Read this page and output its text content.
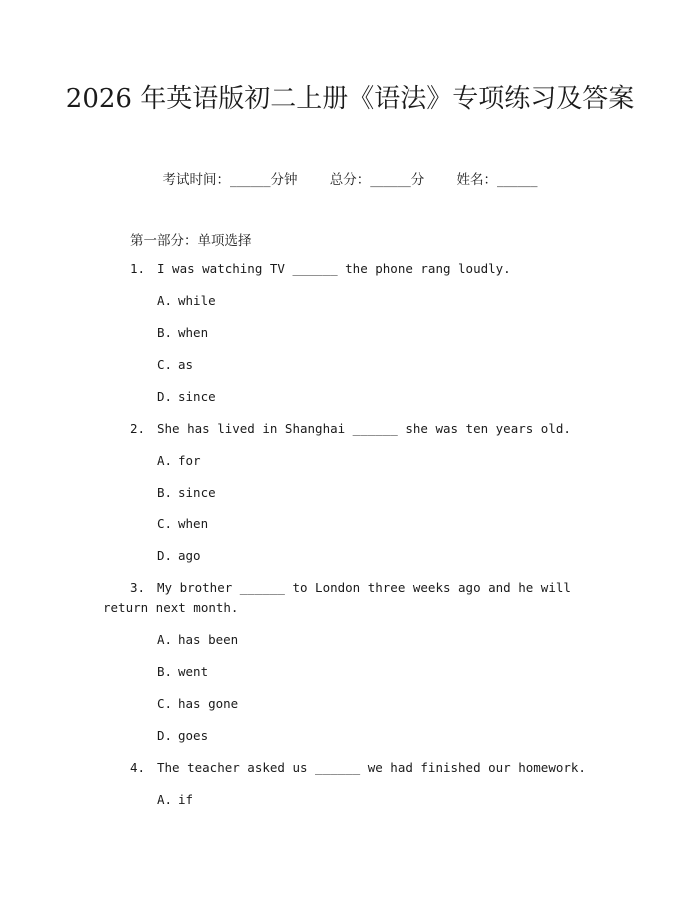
2026 年英语版初二上册《语法》专项练习及答案
考试时间：______分钟 总分：______分 姓名：______
第一部分：单项选择
1. I was watching TV ______ the phone rang loudly.
A. while
B. when
C. as
D. since
2. She has lived in Shanghai ______ she was ten years old.
A. for
B. since
C. when
D. ago
3. My brother ______ to London three weeks ago and he will return next month.
A. has been
B. went
C. has gone
D. goes
4. The teacher asked us ______ we had finished our homework.
A. if
